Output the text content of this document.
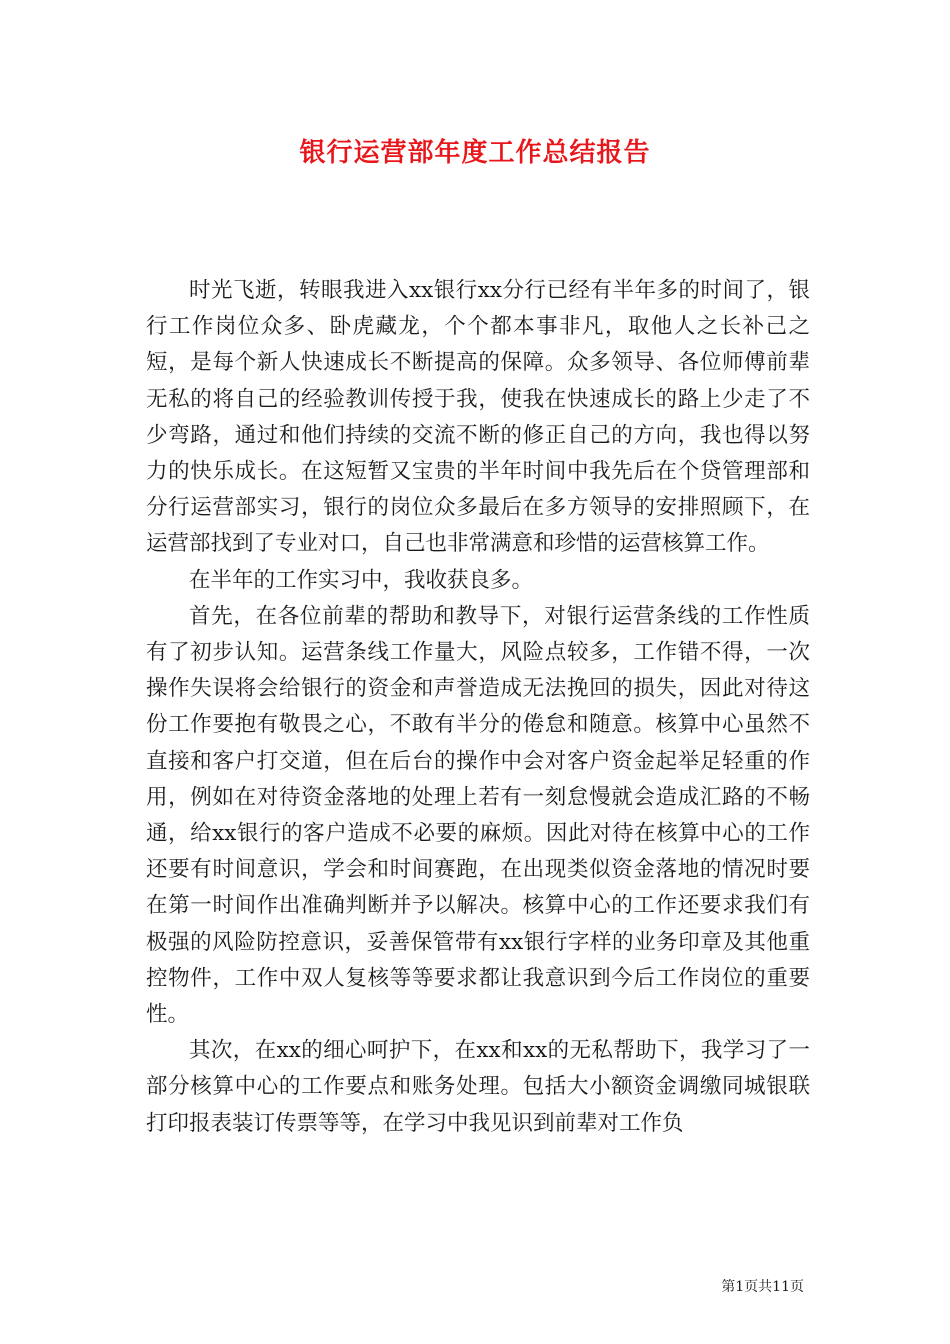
银行运营部年度工作总结报告

时光飞逝，转眼我进入xx银行xx分行已经有半年多的时间了，银行工作岗位众多、卧虎藏龙，个个都本事非凡，取他人之长补己之短，是每个新人快速成长不断提高的保障。众多领导、各位师傅前辈无私的将自己的经验教训传授于我，使我在快速成长的路上少走了不少弯路，通过和他们持续的交流不断的修正自己的方向，我也得以努力的快乐成长。在这短暂又宝贵的半年时间中我先后在个贷管理部和分行运营部实习，银行的岗位众多最后在多方领导的安排照顾下，在运营部找到了专业对口，自己也非常满意和珍惜的运营核算工作。

在半年的工作实习中，我收获良多。

首先，在各位前辈的帮助和教导下，对银行运营条线的工作性质有了初步认知。运营条线工作量大，风险点较多，工作错不得，一次操作失误将会给银行的资金和声誉造成无法挽回的损失，因此对待这份工作要抱有敬畏之心，不敢有半分的倦怠和随意。核算中心虽然不直接和客户打交道，但在后台的操作中会对客户资金起举足轻重的作用，例如在对待资金落地的处理上若有一刻怠慢就会造成汇路的不畅通，给xx银行的客户造成不必要的麻烦。因此对待在核算中心的工作还要有时间意识，学会和时间赛跑，在出现类似资金落地的情况时要在第一时间作出准确判断并予以解决。核算中心的工作还要求我们有极强的风险防控意识，妥善保管带有xx银行字样的业务印章及其他重控物件，工作中双人复核等等要求都让我意识到今后工作岗位的重要性。

其次，在xx的细心呵护下，在xx和xx的无私帮助下，我学习了一部分核算中心的工作要点和账务处理。包括大小额资金调缴同城银联打印报表装订传票等等，在学习中我见识到前辈对工作负

第1页共11页
